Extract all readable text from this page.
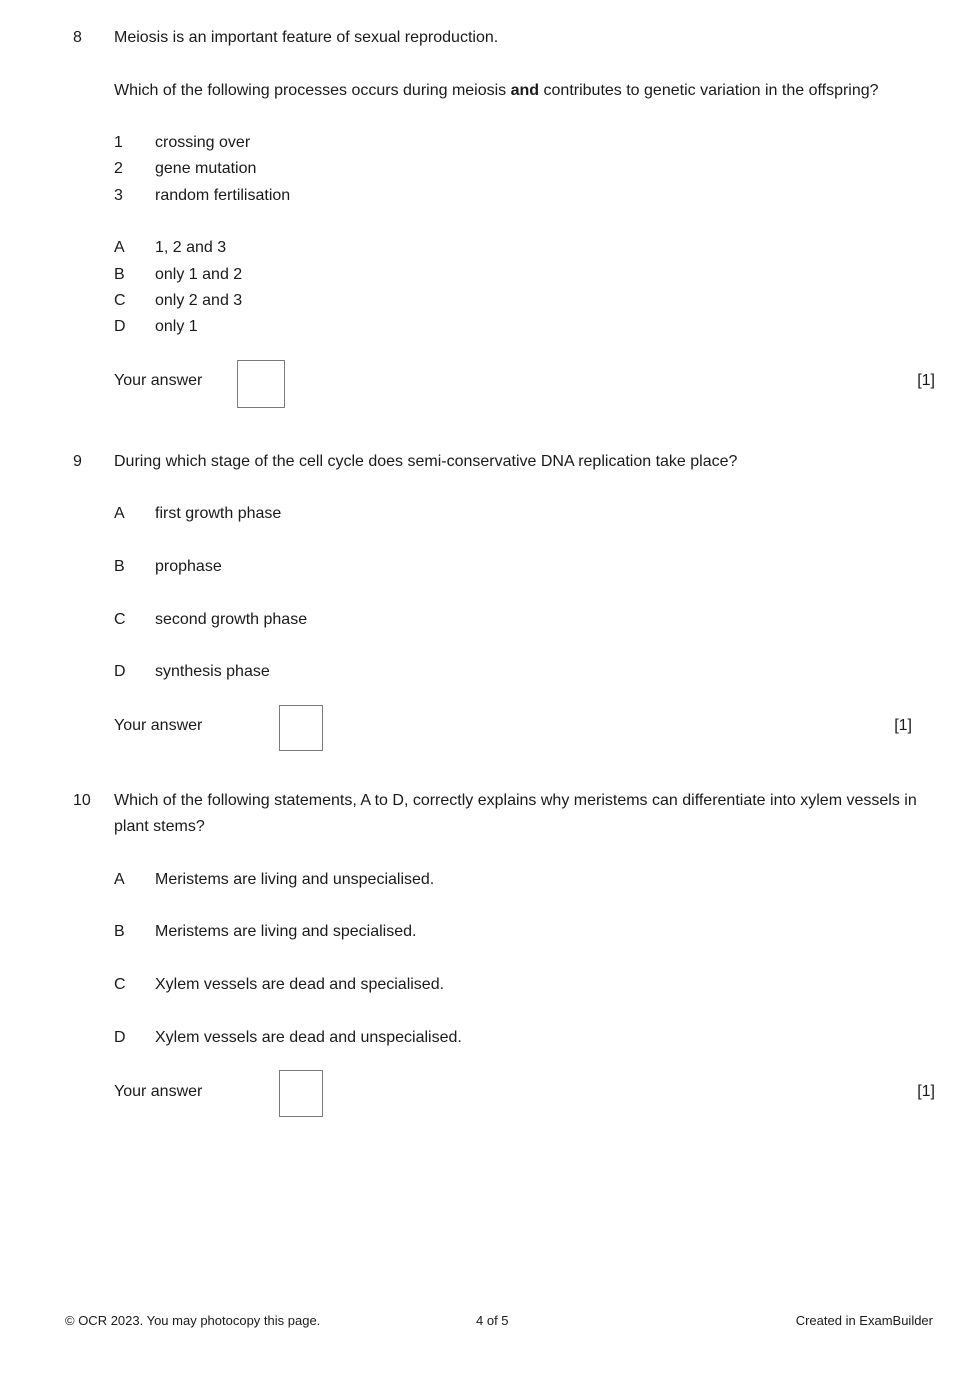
8 Meiosis is an important feature of sexual reproduction.
Which of the following processes occurs during meiosis and contributes to genetic variation in the offspring?
1 crossing over
2 gene mutation
3 random fertilisation
A 1, 2 and 3
B only 1 and 2
C only 2 and 3
D only 1
Your answer	[1]
9 During which stage of the cell cycle does semi-conservative DNA replication take place?
A first growth phase
B prophase
C second growth phase
D synthesis phase
Your answer	[1]
10 Which of the following statements, A to D, correctly explains why meristems can differentiate into xylem vessels in plant stems?
A Meristems are living and unspecialised.
B Meristems are living and specialised.
C Xylem vessels are dead and specialised.
D Xylem vessels are dead and unspecialised.
Your answer	[1]
© OCR 2023. You may photocopy this page.	4 of 5	Created in ExamBuilder
